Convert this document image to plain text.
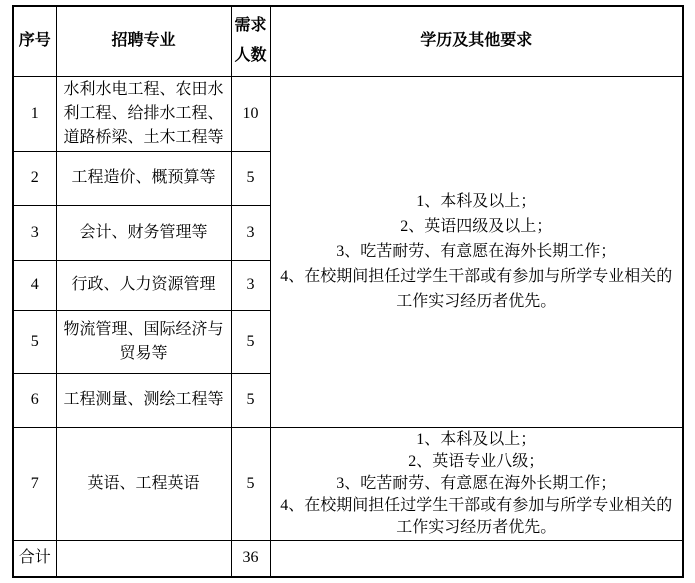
序号	招聘专业	需求人数	学历及其他要求
1	水利水电工程、农田水利工程、给排水工程、道路桥梁、土木工程等	10	1、本科及以上；
2、英语四级及以上；
3、吃苦耐劳、有意愿在海外长期工作；
4、在校期间担任过学生干部或有参加与所学专业相关的工作实习经历者优先。

2	工程造价、概预算等	5	
3	会计、财务管理等	3	
4	行政、人力资源管理	3	
5	物流管理、国际经济与贸易等	5	
6	工程测量、测绘工程等	5	
7	英语、工程英语	5	1、本科及以上；
2、英语专业八级；
3、吃苦耐劳、有意愿在海外长期工作；
4、在校期间担任过学生干部或有参加与所学专业相关的工作实习经历者优先。

合计		36	
